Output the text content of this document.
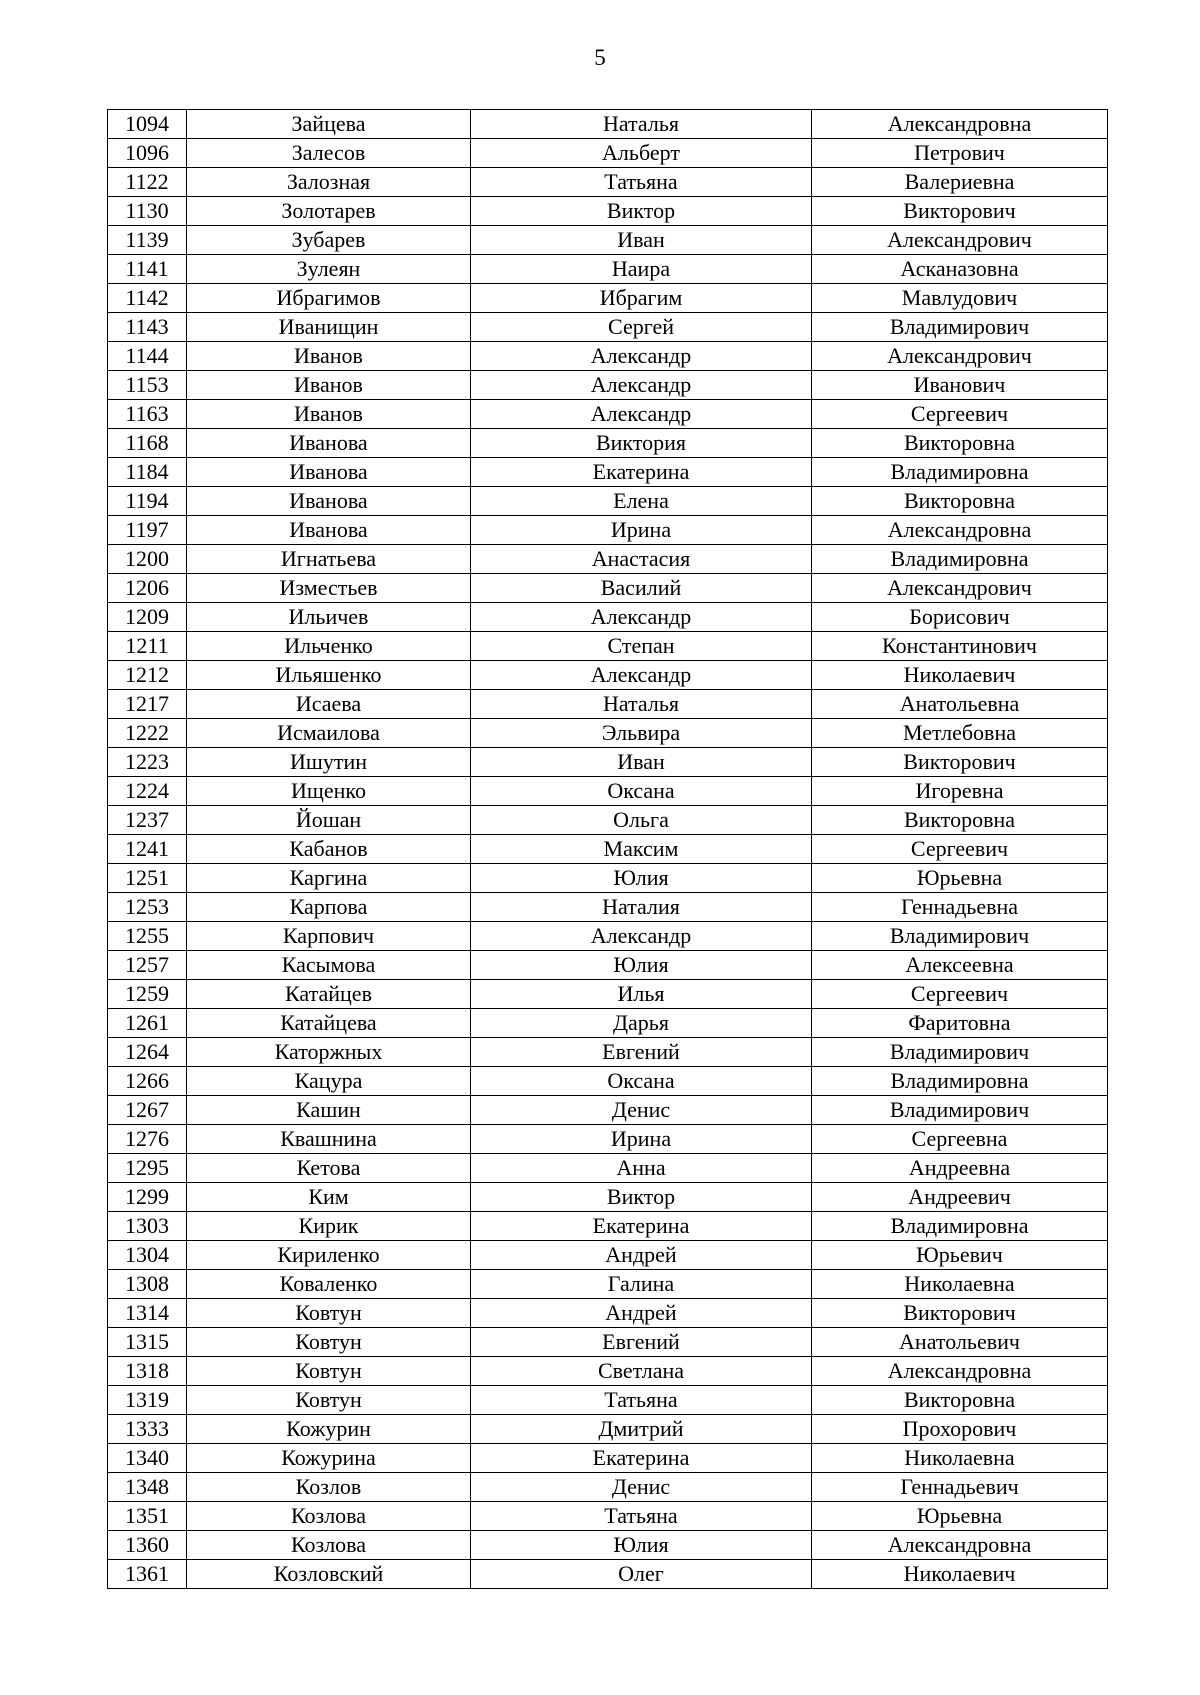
5
1094	Зайцева	Наталья	Александровна
1096	Залесов	Альберт	Петрович
1122	Залозная	Татьяна	Валериевна
1130	Золотарев	Виктор	Викторович
1139	Зубарев	Иван	Александрович
1141	Зулеян	Наира	Асканазовна
1142	Ибрагимов	Ибрагим	Мавлудович
1143	Иванищин	Сергей	Владимирович
1144	Иванов	Александр	Александрович
1153	Иванов	Александр	Иванович
1163	Иванов	Александр	Сергеевич
1168	Иванова	Виктория	Викторовна
1184	Иванова	Екатерина	Владимировна
1194	Иванова	Елена	Викторовна
1197	Иванова	Ирина	Александровна
1200	Игнатьева	Анастасия	Владимировна
1206	Изместьев	Василий	Александрович
1209	Ильичев	Александр	Борисович
1211	Ильченко	Степан	Константинович
1212	Ильяшенко	Александр	Николаевич
1217	Исаева	Наталья	Анатольевна
1222	Исмаилова	Эльвира	Метлебовна
1223	Ишутин	Иван	Викторович
1224	Ищенко	Оксана	Игоревна
1237	Йошан	Ольга	Викторовна
1241	Кабанов	Максим	Сергеевич
1251	Каргина	Юлия	Юрьевна
1253	Карпова	Наталия	Геннадьевна
1255	Карпович	Александр	Владимирович
1257	Касымова	Юлия	Алексеевна
1259	Катайцев	Илья	Сергеевич
1261	Катайцева	Дарья	Фаритовна
1264	Каторжных	Евгений	Владимирович
1266	Кацура	Оксана	Владимировна
1267	Кашин	Денис	Владимирович
1276	Квашнина	Ирина	Сергеевна
1295	Кетова	Анна	Андреевна
1299	Ким	Виктор	Андреевич
1303	Кирик	Екатерина	Владимировна
1304	Кириленко	Андрей	Юрьевич
1308	Коваленко	Галина	Николаевна
1314	Ковтун	Андрей	Викторович
1315	Ковтун	Евгений	Анатольевич
1318	Ковтун	Светлана	Александровна
1319	Ковтун	Татьяна	Викторовна
1333	Кожурин	Дмитрий	Прохорович
1340	Кожурина	Екатерина	Николаевна
1348	Козлов	Денис	Геннадьевич
1351	Козлова	Татьяна	Юрьевна
1360	Козлова	Юлия	Александровна
1361	Козловский	Олег	Николаевич
